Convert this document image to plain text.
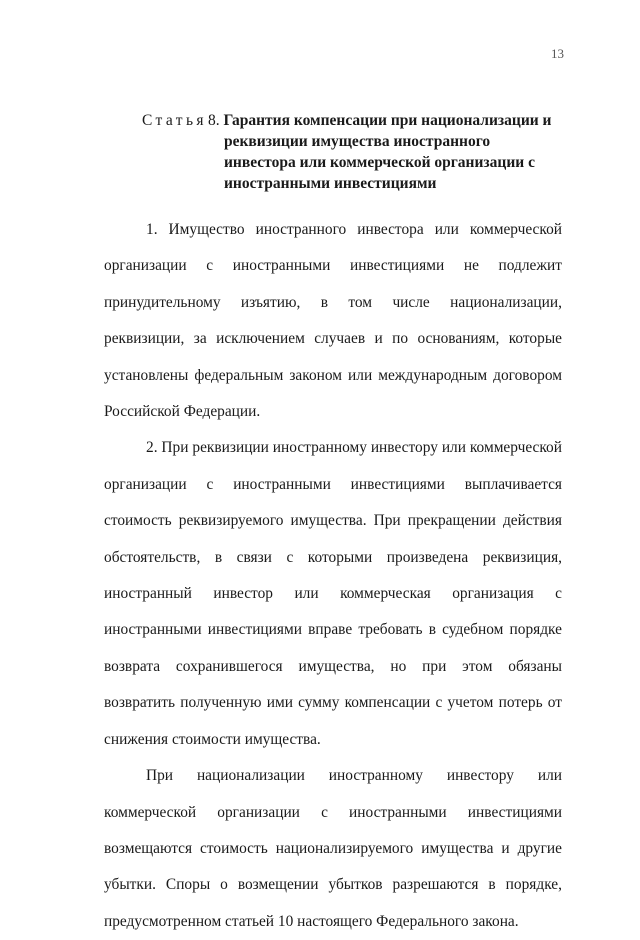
13
Статья 8. Гарантия компенсации при национализации и реквизиции имущества иностранного инвестора или коммерческой организации с иностранными инвестициями

1. Имущество иностранного инвестора или коммерческой организации с иностранными инвестициями не подлежит принудительному изъятию, в том числе национализации, реквизиции, за исключением случаев и по основаниям, которые установлены федеральным законом или международным договором Российской Федерации.

2. При реквизиции иностранному инвестору или коммерческой организации с иностранными инвестициями выплачивается стоимость реквизируемого имущества. При прекращении действия обстоятельств, в связи с которыми произведена реквизиция, иностранный инвестор или коммерческая организация с иностранными инвестициями вправе требовать в судебном порядке возврата сохранившегося имущества, но при этом обязаны возвратить полученную ими сумму компенсации с учетом потерь от снижения стоимости имущества.

При национализации иностранному инвестору или коммерческой организации с иностранными инвестициями возмещаются стоимость национализируемого имущества и другие убытки. Споры о возмещении убытков разрешаются в порядке, предусмотренном статьей 10 настоящего Федерального закона.
